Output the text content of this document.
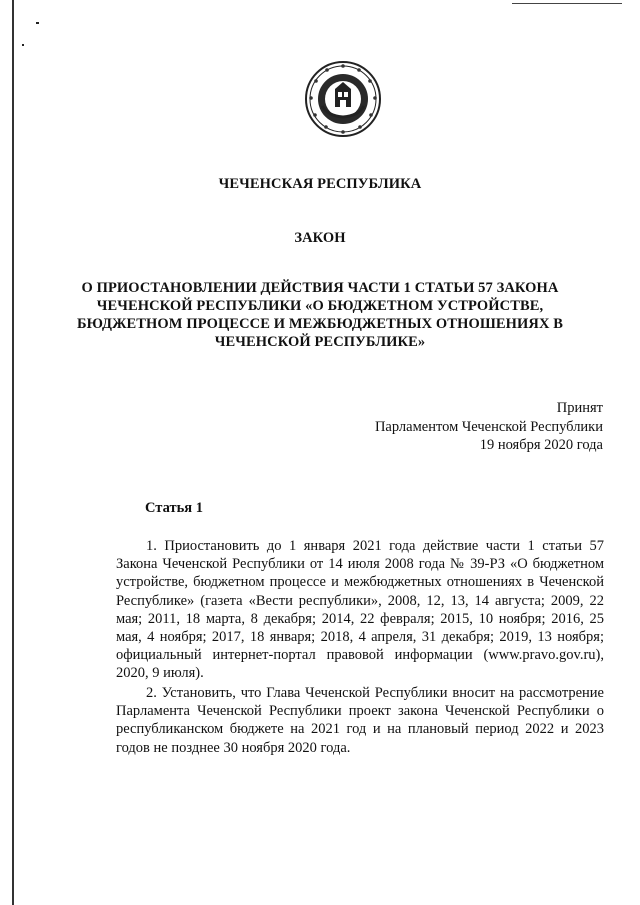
ЧЕЧЕНСКАЯ РЕСПУБЛИКА
ЗАКОН
О ПРИОСТАНОВЛЕНИИ ДЕЙСТВИЯ ЧАСТИ 1 СТАТЬИ 57 ЗАКОНА ЧЕЧЕНСКОЙ РЕСПУБЛИКИ «О БЮДЖЕТНОМ УСТРОЙСТВЕ, БЮДЖЕТНОМ ПРОЦЕССЕ И МЕЖБЮДЖЕТНЫХ ОТНОШЕНИЯХ В ЧЕЧЕНСКОЙ РЕСПУБЛИКЕ»
Принят
Парламентом Чеченской Республики
19 ноября 2020 года
Статья 1

1. Приостановить до 1 января 2021 года действие части 1 статьи 57 Закона Чеченской Республики от 14 июля 2008 года № 39-РЗ «О бюджетном устройстве, бюджетном процессе и межбюджетных отношениях в Чеченской Республике» (газета «Вести республики», 2008, 12, 13, 14 августа; 2009, 22 мая; 2011, 18 марта, 8 декабря; 2014, 22 февраля; 2015, 10 ноября; 2016, 25 мая, 4 ноября; 2017, 18 января; 2018, 4 апреля, 31 декабря; 2019, 13 ноября; официальный интернет-портал правовой информации (www.pravo.gov.ru), 2020, 9 июля).

2. Установить, что Глава Чеченской Республики вносит на рассмотрение Парламента Чеченской Республики проект закона Чеченской Республики о республиканском бюджете на 2021 год и на плановый период 2022 и 2023 годов не позднее 30 ноября 2020 года.
